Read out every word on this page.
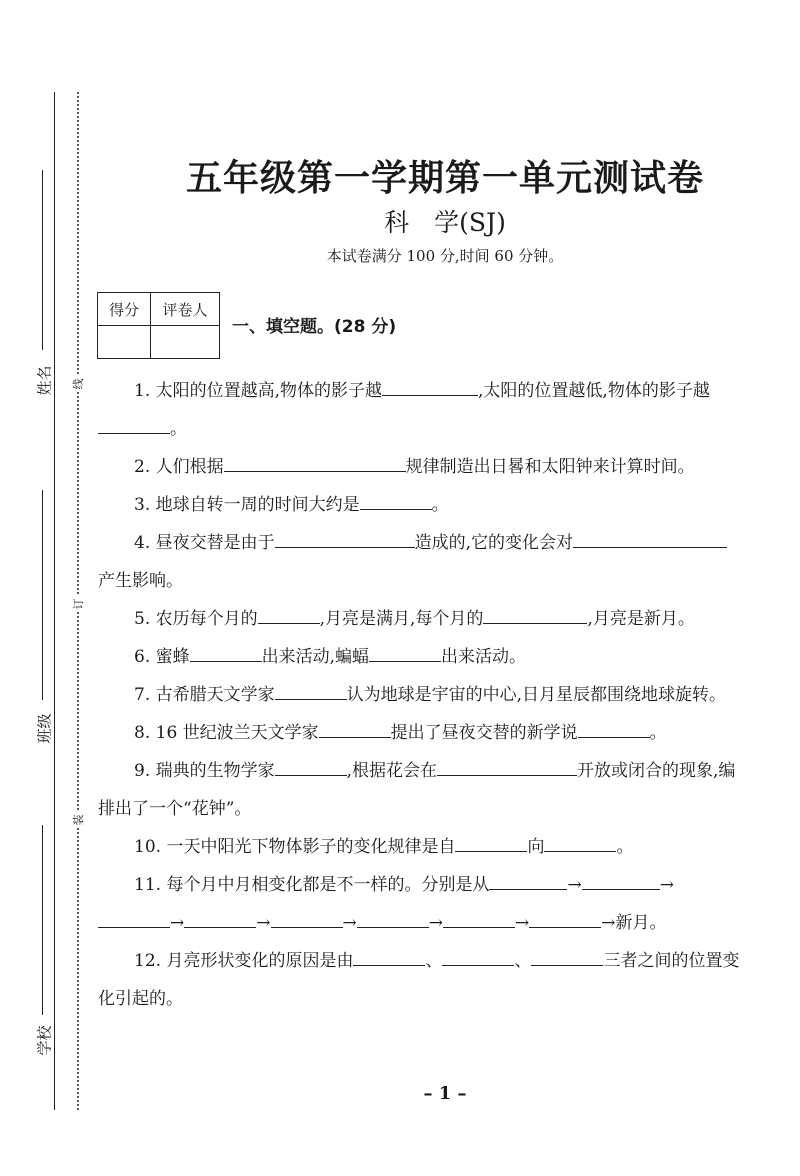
姓名
班级
学校
线
订
装
五年级第一学期第一单元测试卷
科　学(SJ)
本试卷满分 100 分,时间 60 分钟。
得分	评卷人

一、填空题。(28 分)
1. 太阳的位置越高,物体的影子越	,太阳的位置越低,物体的影子越。
2. 人们根据	规律制造出日晷和太阳钟来计算时间。
3. 地球自转一周的时间大约是	。
4. 昼夜交替是由于	造成的,它的变化会对产生影响。
5. 农历每个月的	,月亮是满月,每个月的	,月亮是新月。
6. 蜜蜂	出来活动,蝙蝠	出来活动。
7. 古希腊天文学家	认为地球是宇宙的中心,日月星辰都围绕地球旋转。
8. 16 世纪波兰天文学家	提出了昼夜交替的新学说	。
9. 瑞典的生物学家	,根据花会在	开放或闭合的现象,编排出了一个“花钟”。
10. 一天中阳光下物体影子的变化规律是自	向	。
11. 每个月中月相变化都是不一样的。分别是从	→	→→	→	→	→	→	→新月。
12. 月亮形状变化的原因是由	、	、	三者之间的位置变化引起的。
– 1 –
